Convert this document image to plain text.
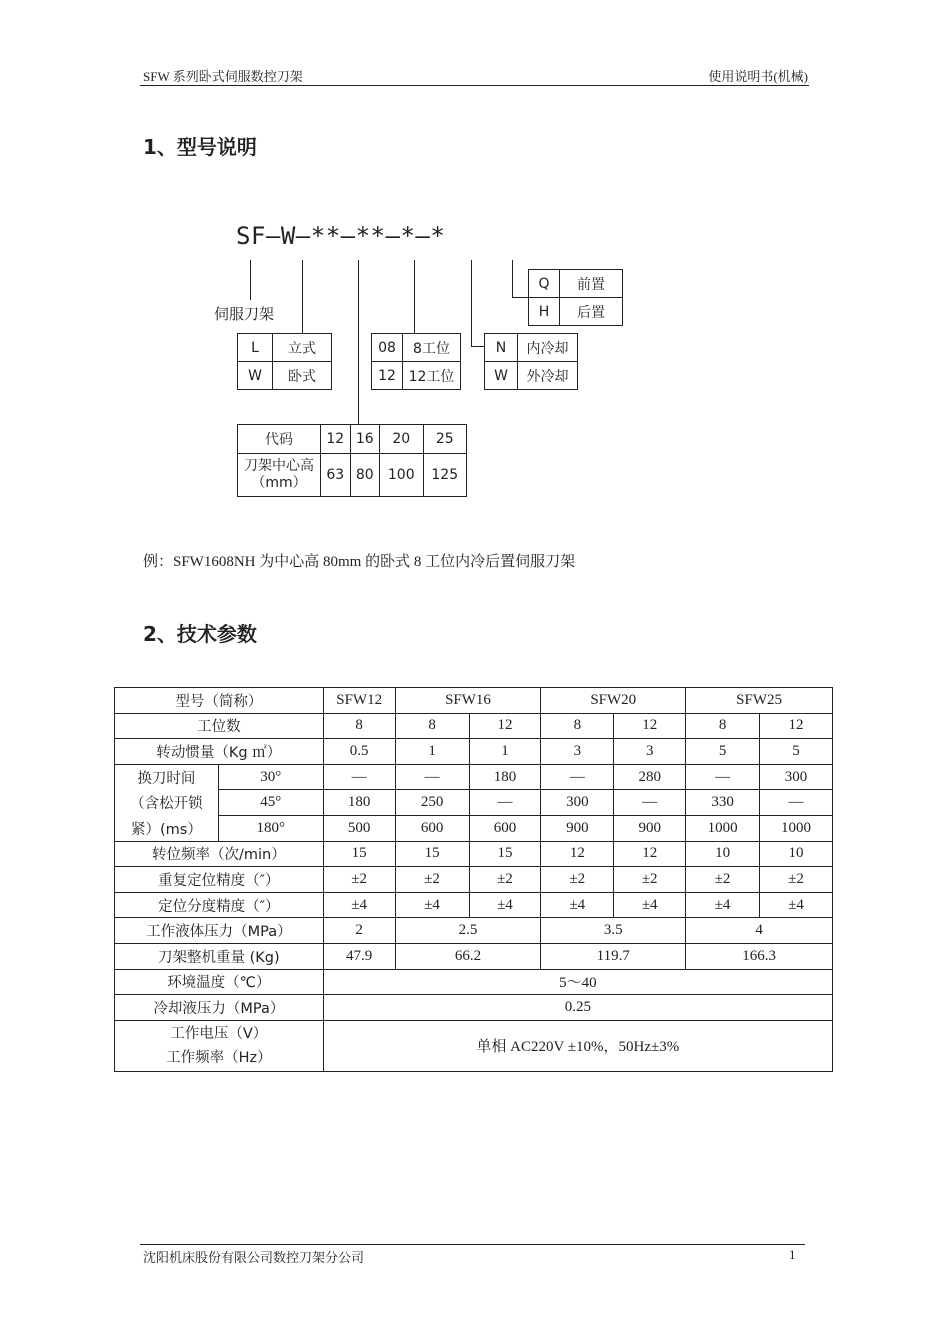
SFW 系列卧式伺服数控刀架	使用说明书(机械)
1、型号说明
SF—W—**—**—*—*
伺服刀架
L	立式
W	卧式
08	8工位
12	12工位
N	内冷却
W	外冷却
Q	前置
H	后置
代码	12	16	20	25

刀架中心高
（mm）	63	80	100	125
例：SFW1608NH 为中心高 80mm 的卧式 8 工位内冷后置伺服刀架
2、技术参数
型号（简称）		SFW12	SFW16		SFW20		SFW25	
工位数		8	8	12	8	12	8	12
转动惯量（Kg ㎡）		0.5	1	1	3	3	5	5
换刀时间	30°	—	—	180	—	280	—	300
（含松开锁	45°	180	250	—	300	—	330	—
紧）(ms）	180°	500	600	600	900	900	1000	1000
转位频率（次/min）		15	15	15	12	12	10	10
重复定位精度（″）		±2	±2	±2	±2	±2	±2	±2
定位分度精度（″）		±4	±4	±4	±4	±4	±4	±4
工作液体压力（MPa）		2	2.5		3.5		4	
刀架整机重量 (Kg)		47.9	66.2		119.7		166.3	
环境温度（℃）		5～40						
冷却液压力（MPa）		0.25						

工作电压（V）
工作频率（Hz）		单相 AC220V ±10%，50Hz±3%						
沈阳机床股份有限公司数控刀架分公司	1
